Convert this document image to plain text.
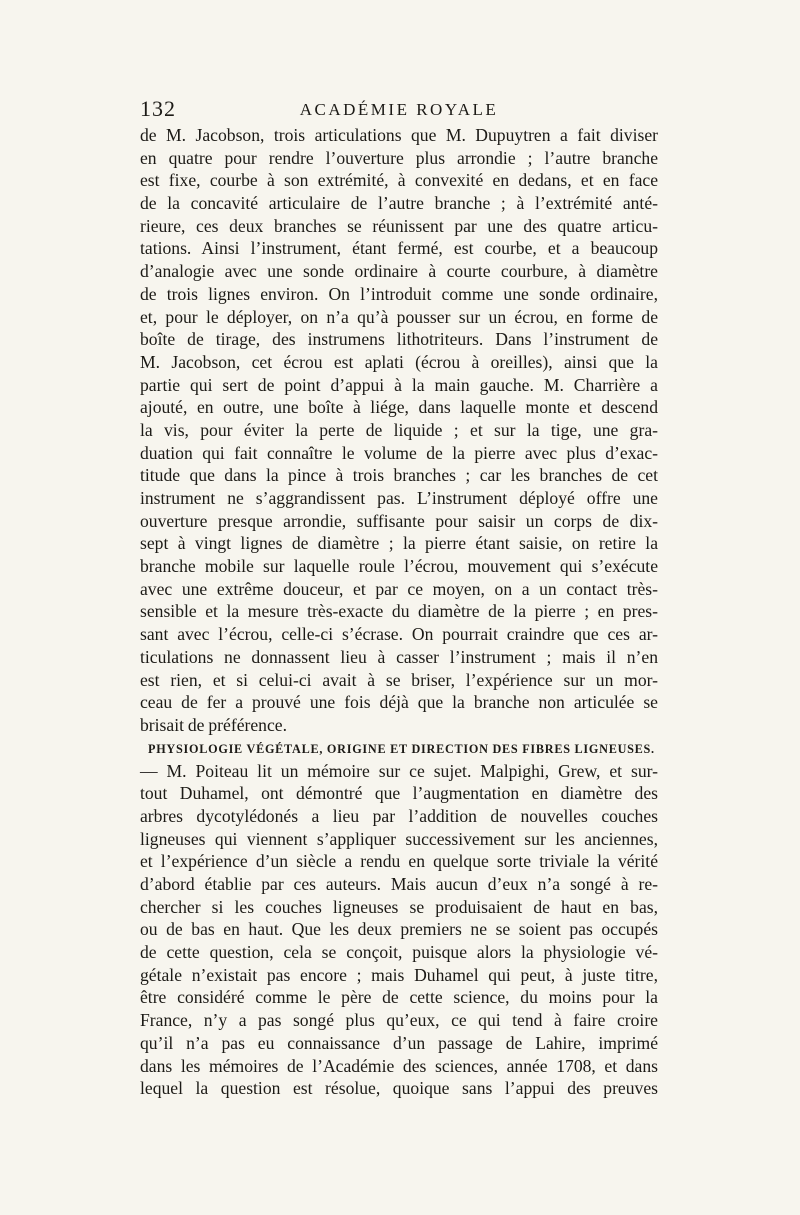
132	ACADÉMIE ROYALE
de M. Jacobson, trois articulations que M. Dupuytren a fait diviser
en quatre pour rendre l’ouverture plus arrondie ; l’autre branche
est fixe, courbe à son extrémité, à convexité en dedans, et en face
de la concavité articulaire de l’autre branche ; à l’extrémité anté-
rieure, ces deux branches se réunissent par une des quatre articu-
tations. Ainsi l’instrument, étant fermé, est courbe, et a beaucoup
d’analogie avec une sonde ordinaire à courte courbure, à diamètre
de trois lignes environ. On l’introduit comme une sonde ordinaire,
et, pour le déployer, on n’a qu’à pousser sur un écrou, en forme de
boîte de tirage, des instrumens lithotriteurs. Dans l’instrument de
M. Jacobson, cet écrou est aplati (écrou à oreilles), ainsi que la
partie qui sert de point d’appui à la main gauche. M. Charrière a
ajouté, en outre, une boîte à liége, dans laquelle monte et descend
la vis, pour éviter la perte de liquide ; et sur la tige, une gra-
duation qui fait connaître le volume de la pierre avec plus d’exac-
titude que dans la pince à trois branches ; car les branches de cet
instrument ne s’aggrandissent pas. L’instrument déployé offre une
ouverture presque arrondie, suffisante pour saisir un corps de dix-
sept à vingt lignes de diamètre ; la pierre étant saisie, on retire la
branche mobile sur laquelle roule l’écrou, mouvement qui s’exécute
avec une extrême douceur, et par ce moyen, on a un contact très-
sensible et la mesure très-exacte du diamètre de la pierre ; en pres-
sant avec l’écrou, celle-ci s’écrase. On pourrait craindre que ces ar-
ticulations ne donnassent lieu à casser l’instrument ; mais il n’en
est rien, et si celui-ci avait à se briser, l’expérience sur un mor-
ceau de fer a prouvé une fois déjà que la branche non articulée se
brisait de préférence.
PHYSIOLOGIE VÉGÉTALE, ORIGINE ET DIRECTION DES FIBRES LIGNEUSES.
— M. Poiteau lit un mémoire sur ce sujet. Malpighi, Grew, et sur-
tout Duhamel, ont démontré que l’augmentation en diamètre des
arbres dycotylédonés a lieu par l’addition de nouvelles couches
ligneuses qui viennent s’appliquer successivement sur les anciennes,
et l’expérience d’un siècle a rendu en quelque sorte triviale la vérité
d’abord établie par ces auteurs. Mais aucun d’eux n’a songé à re-
chercher si les couches ligneuses se produisaient de haut en bas,
ou de bas en haut. Que les deux premiers ne se soient pas occupés
de cette question, cela se conçoit, puisque alors la physiologie vé-
gétale n’existait pas encore ; mais Duhamel qui peut, à juste titre,
être considéré comme le père de cette science, du moins pour la
France, n’y a pas songé plus qu’eux, ce qui tend à faire croire
qu’il n’a pas eu connaissance d’un passage de Lahire, imprimé
dans les mémoires de l’Académie des sciences, année 1708, et dans
lequel la question est résolue, quoique sans l’appui des preuves
